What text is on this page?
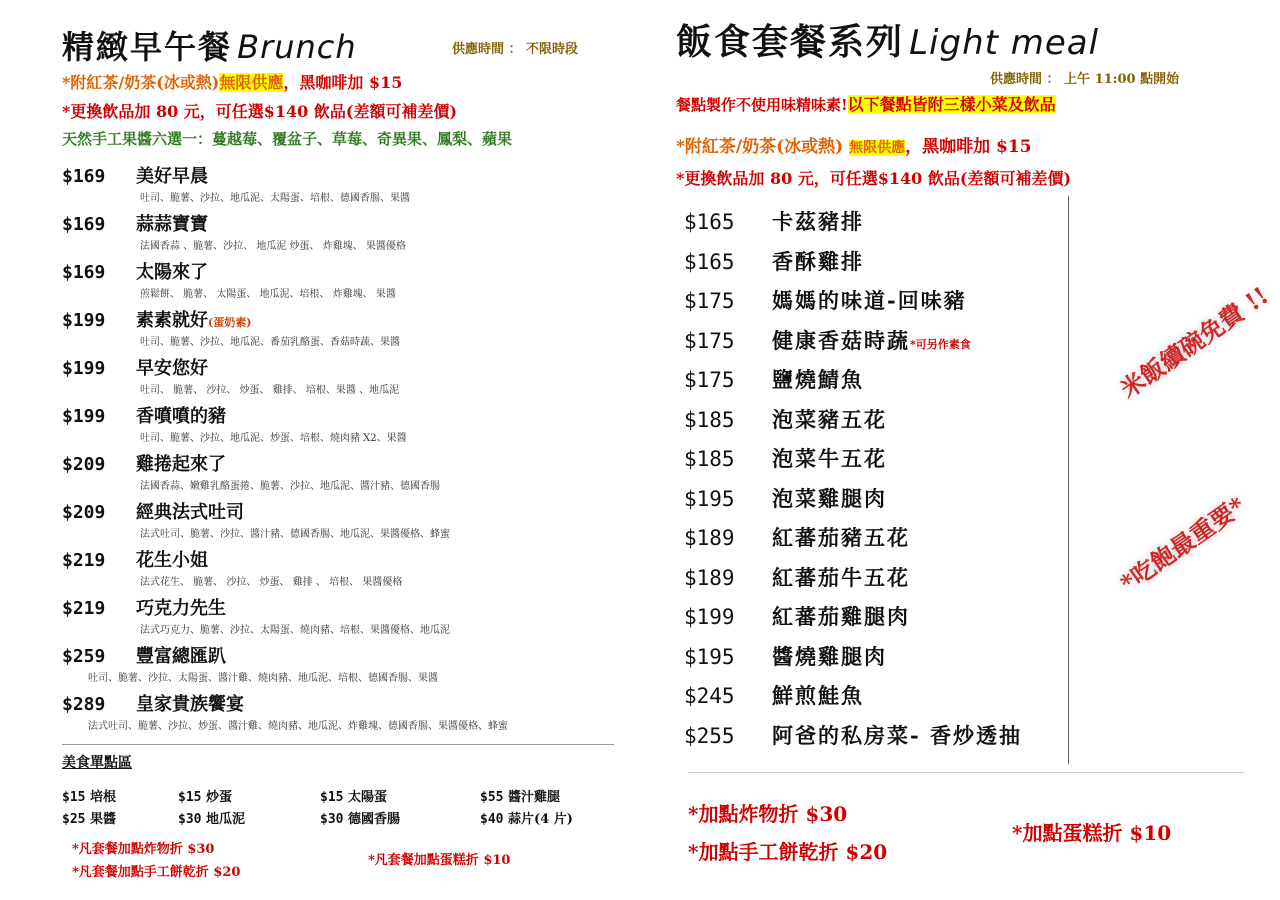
精緻早午餐 Brunch	供應時間 ： 不限時段
*附紅茶/奶茶(冰或熱)無限供應，黑咖啡加 $15
*更換飲品加 80 元，可任選$140 飲品(差額可補差價)
天然手工果醬六選一：蔓越莓、覆盆子、草莓、奇異果、鳳梨、蘋果
$169 美好早晨
吐司、脆薯、沙拉、地瓜泥、太陽蛋、培根、德國香腸、果醬
$169 蒜蒜寶寶
法國香蒜 、脆薯、沙拉、 地瓜泥 炒蛋、 炸雞塊、 果醬優格
$169 太陽來了
煎鬆餅、 脆薯、 太陽蛋、 地瓜泥、培根、 炸雞塊、 果醬
$199 素素就好(蛋奶素)
吐司、脆薯、沙拉、地瓜泥、番茄乳酪蛋、香菇時蔬、果醬
$199 早安您好
吐司、 脆薯、 沙拉、 炒蛋、 雞排、 培根、果醬 、地瓜泥
$199 香噴噴的豬
吐司、脆薯、沙拉、地瓜泥、炒蛋、培根、燒肉豬 X2、果醬
$209 雞捲起來了
法國香蒜、嫩雞乳酪蛋捲、脆薯、沙拉、地瓜泥、醬汁豬、德國香腸
$209 經典法式吐司
法式吐司、脆薯、沙拉、醬汁豬、德國香腸、地瓜泥、果醬優格、蜂蜜
$219 花生小姐
法式花生、 脆薯、 沙拉、 炒蛋、 雞排 、 培根、 果醬優格
$219 巧克力先生
法式巧克力、脆薯、沙拉、太陽蛋、燒肉豬、培根、果醬優格、地瓜泥
$259 豐富總匯趴
吐司、脆薯、沙拉、太陽蛋、醬汁雞、燒肉豬、地瓜泥、培根、德國香腸、果醬
$289 皇家貴族饗宴
法式吐司、脆薯、沙拉、炒蛋、醬汁雞、燒肉豬、地瓜泥、炸雞塊、德國香腸、果醬優格、蜂蜜
美食單點區
$15 培根	$15 炒蛋	$15 太陽蛋	$55 醬汁雞腿
$25 果醬	$30 地瓜泥	$30 德國香腸	$40 蒜片(4 片)
*凡套餐加點炸物折 $30
*凡套餐加點手工餅乾折 $20
*凡套餐加點蛋糕折 $10
飯食套餐系列 Light meal
供應時間 ： 上午 11:00 點開始
餐點製作不使用味精味素!以下餐點皆附三樣小菜及飲品
*附紅茶/奶茶(冰或熱) 無限供應，黑咖啡加 $15
*更換飲品加 80 元，可任選$140 飲品(差額可補差價)
$165 卡茲豬排
$165 香酥雞排
$175 媽媽的味道-回味豬
$175 健康香菇時蔬*可另作素食
$175 鹽燒鯖魚
$185 泡菜豬五花
$185 泡菜牛五花
$195 泡菜雞腿肉
$189 紅蕃茄豬五花
$189 紅蕃茄牛五花
$199 紅蕃茄雞腿肉
$195 醬燒雞腿肉
$245 鮮煎鮭魚
$255 阿爸的私房菜- 香炒透抽
米飯續碗免費 !!
*吃飽最重要*
*加點炸物折 $30
*加點手工餅乾折 $20
*加點蛋糕折 $10
